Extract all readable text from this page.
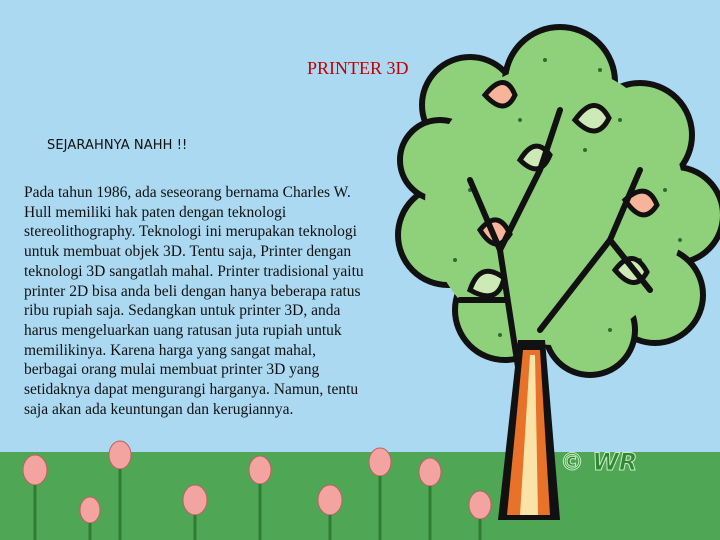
PRINTER 3D
SEJARAHNYA NAHH !!
Pada tahun 1986, ada seseorang bernama Charles W.
Hull memiliki hak paten dengan teknologi
stereolithography. Teknologi ini merupakan teknologi
untuk membuat objek 3D. Tentu saja, Printer dengan
teknologi 3D sangatlah mahal. Printer tradisional yaitu
printer 2D bisa anda beli dengan hanya beberapa ratus
ribu rupiah saja. Sedangkan untuk printer 3D, anda
harus mengeluarkan uang ratusan juta rupiah untuk
memilikinya. Karena harga yang sangat mahal,
berbagai orang mulai membuat printer 3D yang
setidaknya dapat mengurangi harganya. Namun, tentu
saja akan ada keuntungan dan kerugiannya.
© WR
